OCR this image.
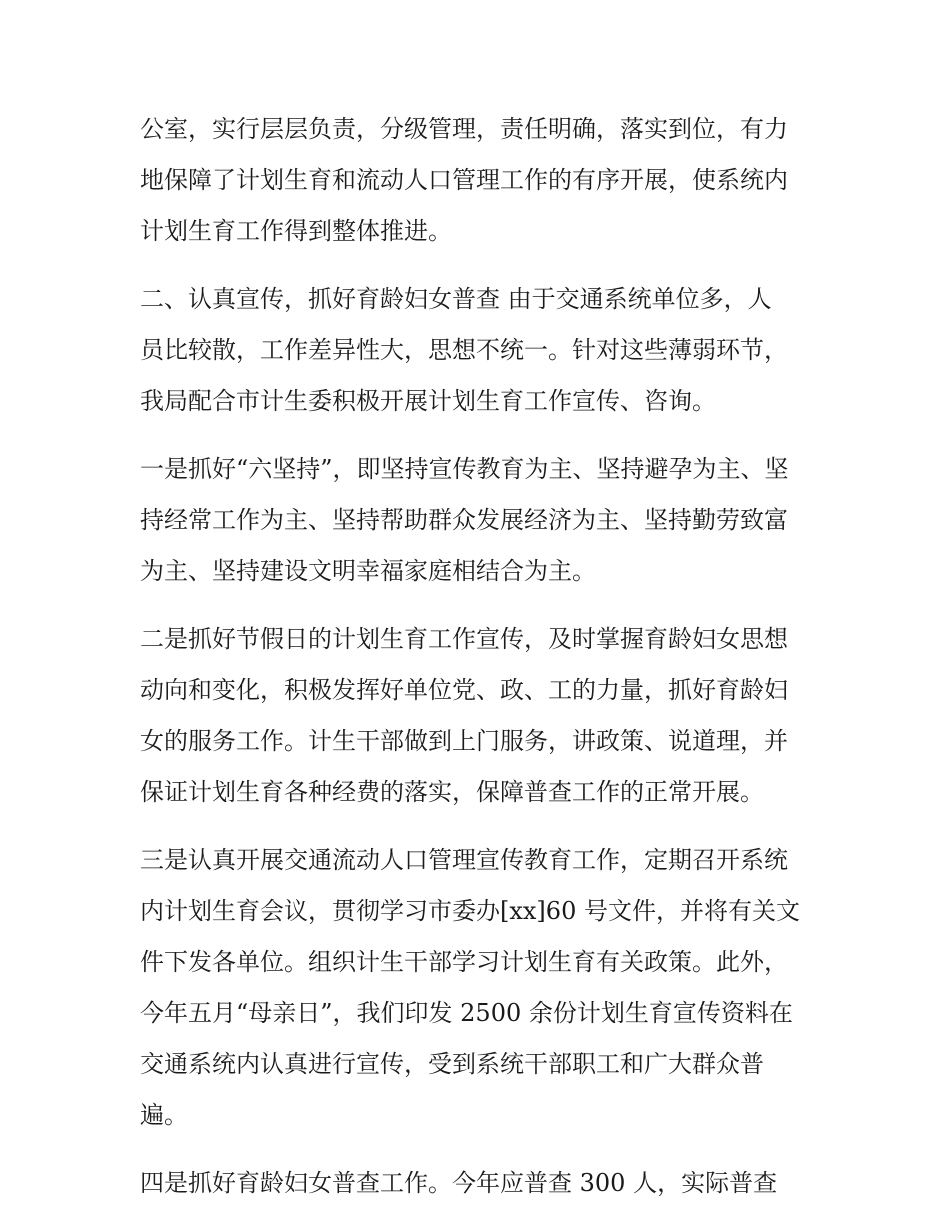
公室，实行层层负责，分级管理，责任明确，落实到位，有力
地保障了计划生育和流动人口管理工作的有序开展，使系统内
计划生育工作得到整体推进。
二、认真宣传，抓好育龄妇女普查 由于交通系统单位多，人
员比较散，工作差异性大，思想不统一。针对这些薄弱环节，
我局配合市计生委积极开展计划生育工作宣传、咨询。
一是抓好“六坚持”，即坚持宣传教育为主、坚持避孕为主、坚
持经常工作为主、坚持帮助群众发展经济为主、坚持勤劳致富
为主、坚持建设文明幸福家庭相结合为主。
二是抓好节假日的计划生育工作宣传，及时掌握育龄妇女思想
动向和变化，积极发挥好单位党、政、工的力量，抓好育龄妇
女的服务工作。计生干部做到上门服务，讲政策、说道理，并
保证计划生育各种经费的落实，保障普查工作的正常开展。
三是认真开展交通流动人口管理宣传教育工作，定期召开系统
内计划生育会议，贯彻学习市委办[xx]60 号文件，并将有关文
件下发各单位。组织计生干部学习计划生育有关政策。此外，
今年五月“母亲日”，我们印发 2500 余份计划生育宣传资料在
交通系统内认真进行宣传，受到系统干部职工和广大群众普
遍。
四是抓好育龄妇女普查工作。今年应普查 300 人，实际普查
